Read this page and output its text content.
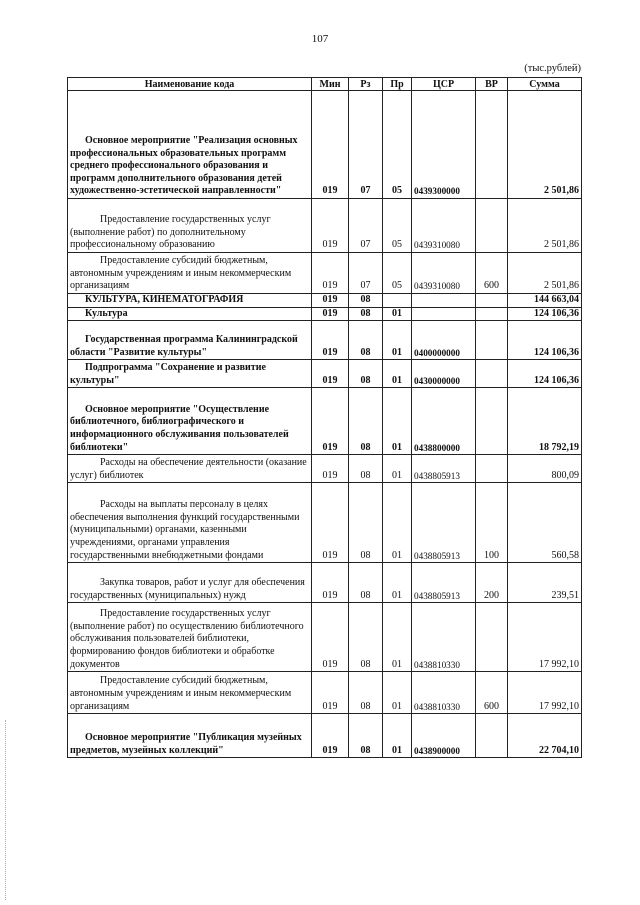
107
(тыс.рублей)
Наименование кода	Мин	Рз	Пр	ЦСР	ВР	Сумма
Основное мероприятие "Реализация основных профессиональных образовательных программ среднего профессионального образования и программ дополнительного образования детей художественно-эстетической направленности"	019	07	05	0439300000		2 501,86
Предоставление государственных услуг (выполнение работ) по дополнительному профессиональному образованию	019	07	05	0439310080		2 501,86
Предоставление субсидий бюджетным, автономным учреждениям и иным некоммерческим организациям	019	07	05	0439310080	600	2 501,86
КУЛЬТУРА, КИНЕМАТОГРАФИЯ	019	08				144 663,04
Культура	019	08	01			124 106,36
Государственная программа Калининградской области "Развитие культуры"	019	08	01	0400000000		124 106,36
Подпрограмма "Сохранение и развитие культуры"	019	08	01	0430000000		124 106,36
Основное мероприятие "Осуществление библиотечного, библиографического и информационного обслуживания пользователей библиотеки"	019	08	01	0438800000		18 792,19
Расходы на обеспечение деятельности (оказание услуг) библиотек	019	08	01	0438805913		800,09
Расходы на выплаты персоналу в целях обеспечения выполнения функций государственными (муниципальными) органами, казенными учреждениями, органами управления государственными внебюджетными фондами	019	08	01	0438805913	100	560,58
Закупка товаров, работ и услуг для обеспечения государственных (муниципальных) нужд	019	08	01	0438805913	200	239,51
Предоставление государственных услуг (выполнение работ) по осуществлению библиотечного обслуживания пользователей библиотеки, формированию фондов библиотеки и обработке документов	019	08	01	0438810330		17 992,10
Предоставление субсидий бюджетным, автономным учреждениям и иным некоммерческим организациям	019	08	01	0438810330	600	17 992,10
Основное мероприятие "Публикация музейных предметов, музейных коллекций"	019	08	01	0438900000		22 704,10
